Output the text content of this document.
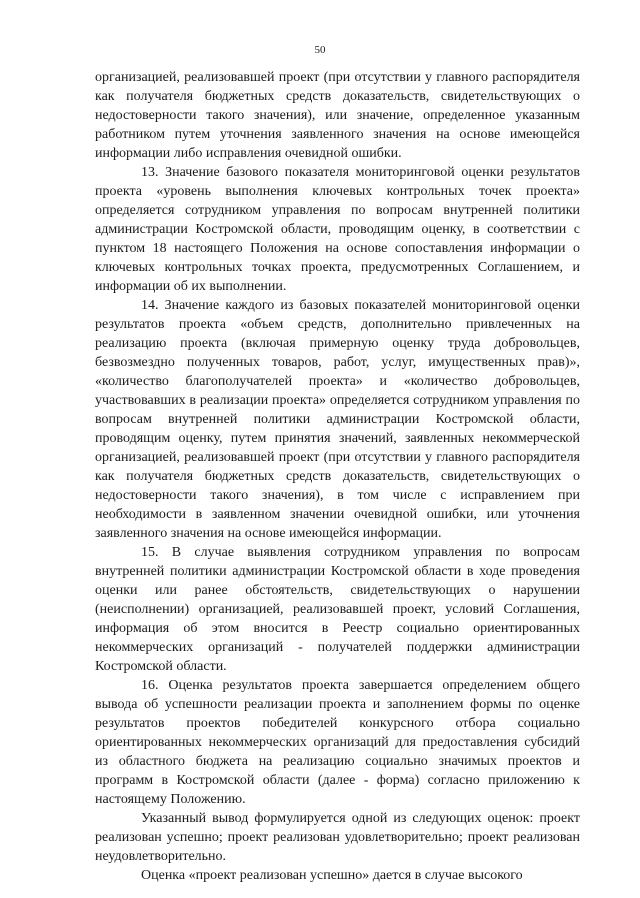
50

организацией, реализовавшей проект (при отсутствии у главного распорядителя как получателя бюджетных средств доказательств, свидетельствующих о недостоверности такого значения), или значение, определенное указанным работником путем уточнения заявленного значения на основе имеющейся информации либо исправления очевидной ошибки.

13. Значение базового показателя мониторинговой оценки результатов проекта «уровень выполнения ключевых контрольных точек проекта» определяется сотрудником управления по вопросам внутренней политики администрации Костромской области, проводящим оценку, в соответствии с пунктом 18 настоящего Положения на основе сопоставления информации о ключевых контрольных точках проекта, предусмотренных Соглашением, и информации об их выполнении.

14. Значение каждого из базовых показателей мониторинговой оценки результатов проекта «объем средств, дополнительно привлеченных на реализацию проекта (включая примерную оценку труда добровольцев, безвозмездно полученных товаров, работ, услуг, имущественных прав)», «количество благополучателей проекта» и «количество добровольцев, участвовавших в реализации проекта» определяется сотрудником управления по вопросам внутренней политики администрации Костромской области, проводящим оценку, путем принятия значений, заявленных некоммерческой организацией, реализовавшей проект (при отсутствии у главного распорядителя как получателя бюджетных средств доказательств, свидетельствующих о недостоверности такого значения), в том числе с исправлением при необходимости в заявленном значении очевидной ошибки, или уточнения заявленного значения на основе имеющейся информации.

15. В случае выявления сотрудником управления по вопросам внутренней политики администрации Костромской области в ходе проведения оценки или ранее обстоятельств, свидетельствующих о нарушении (неисполнении) организацией, реализовавшей проект, условий Соглашения, информация об этом вносится в Реестр социально ориентированных некоммерческих организаций - получателей поддержки администрации Костромской области.

16. Оценка результатов проекта завершается определением общего вывода об успешности реализации проекта и заполнением формы по оценке результатов проектов победителей конкурсного отбора социально ориентированных некоммерческих организаций для предоставления субсидий из областного бюджета на реализацию социально значимых проектов и программ в Костромской области (далее - форма) согласно приложению к настоящему Положению.

Указанный вывод формулируется одной из следующих оценок: проект реализован успешно; проект реализован удовлетворительно; проект реализован неудовлетворительно.

Оценка «проект реализован успешно» дается в случае высокого
